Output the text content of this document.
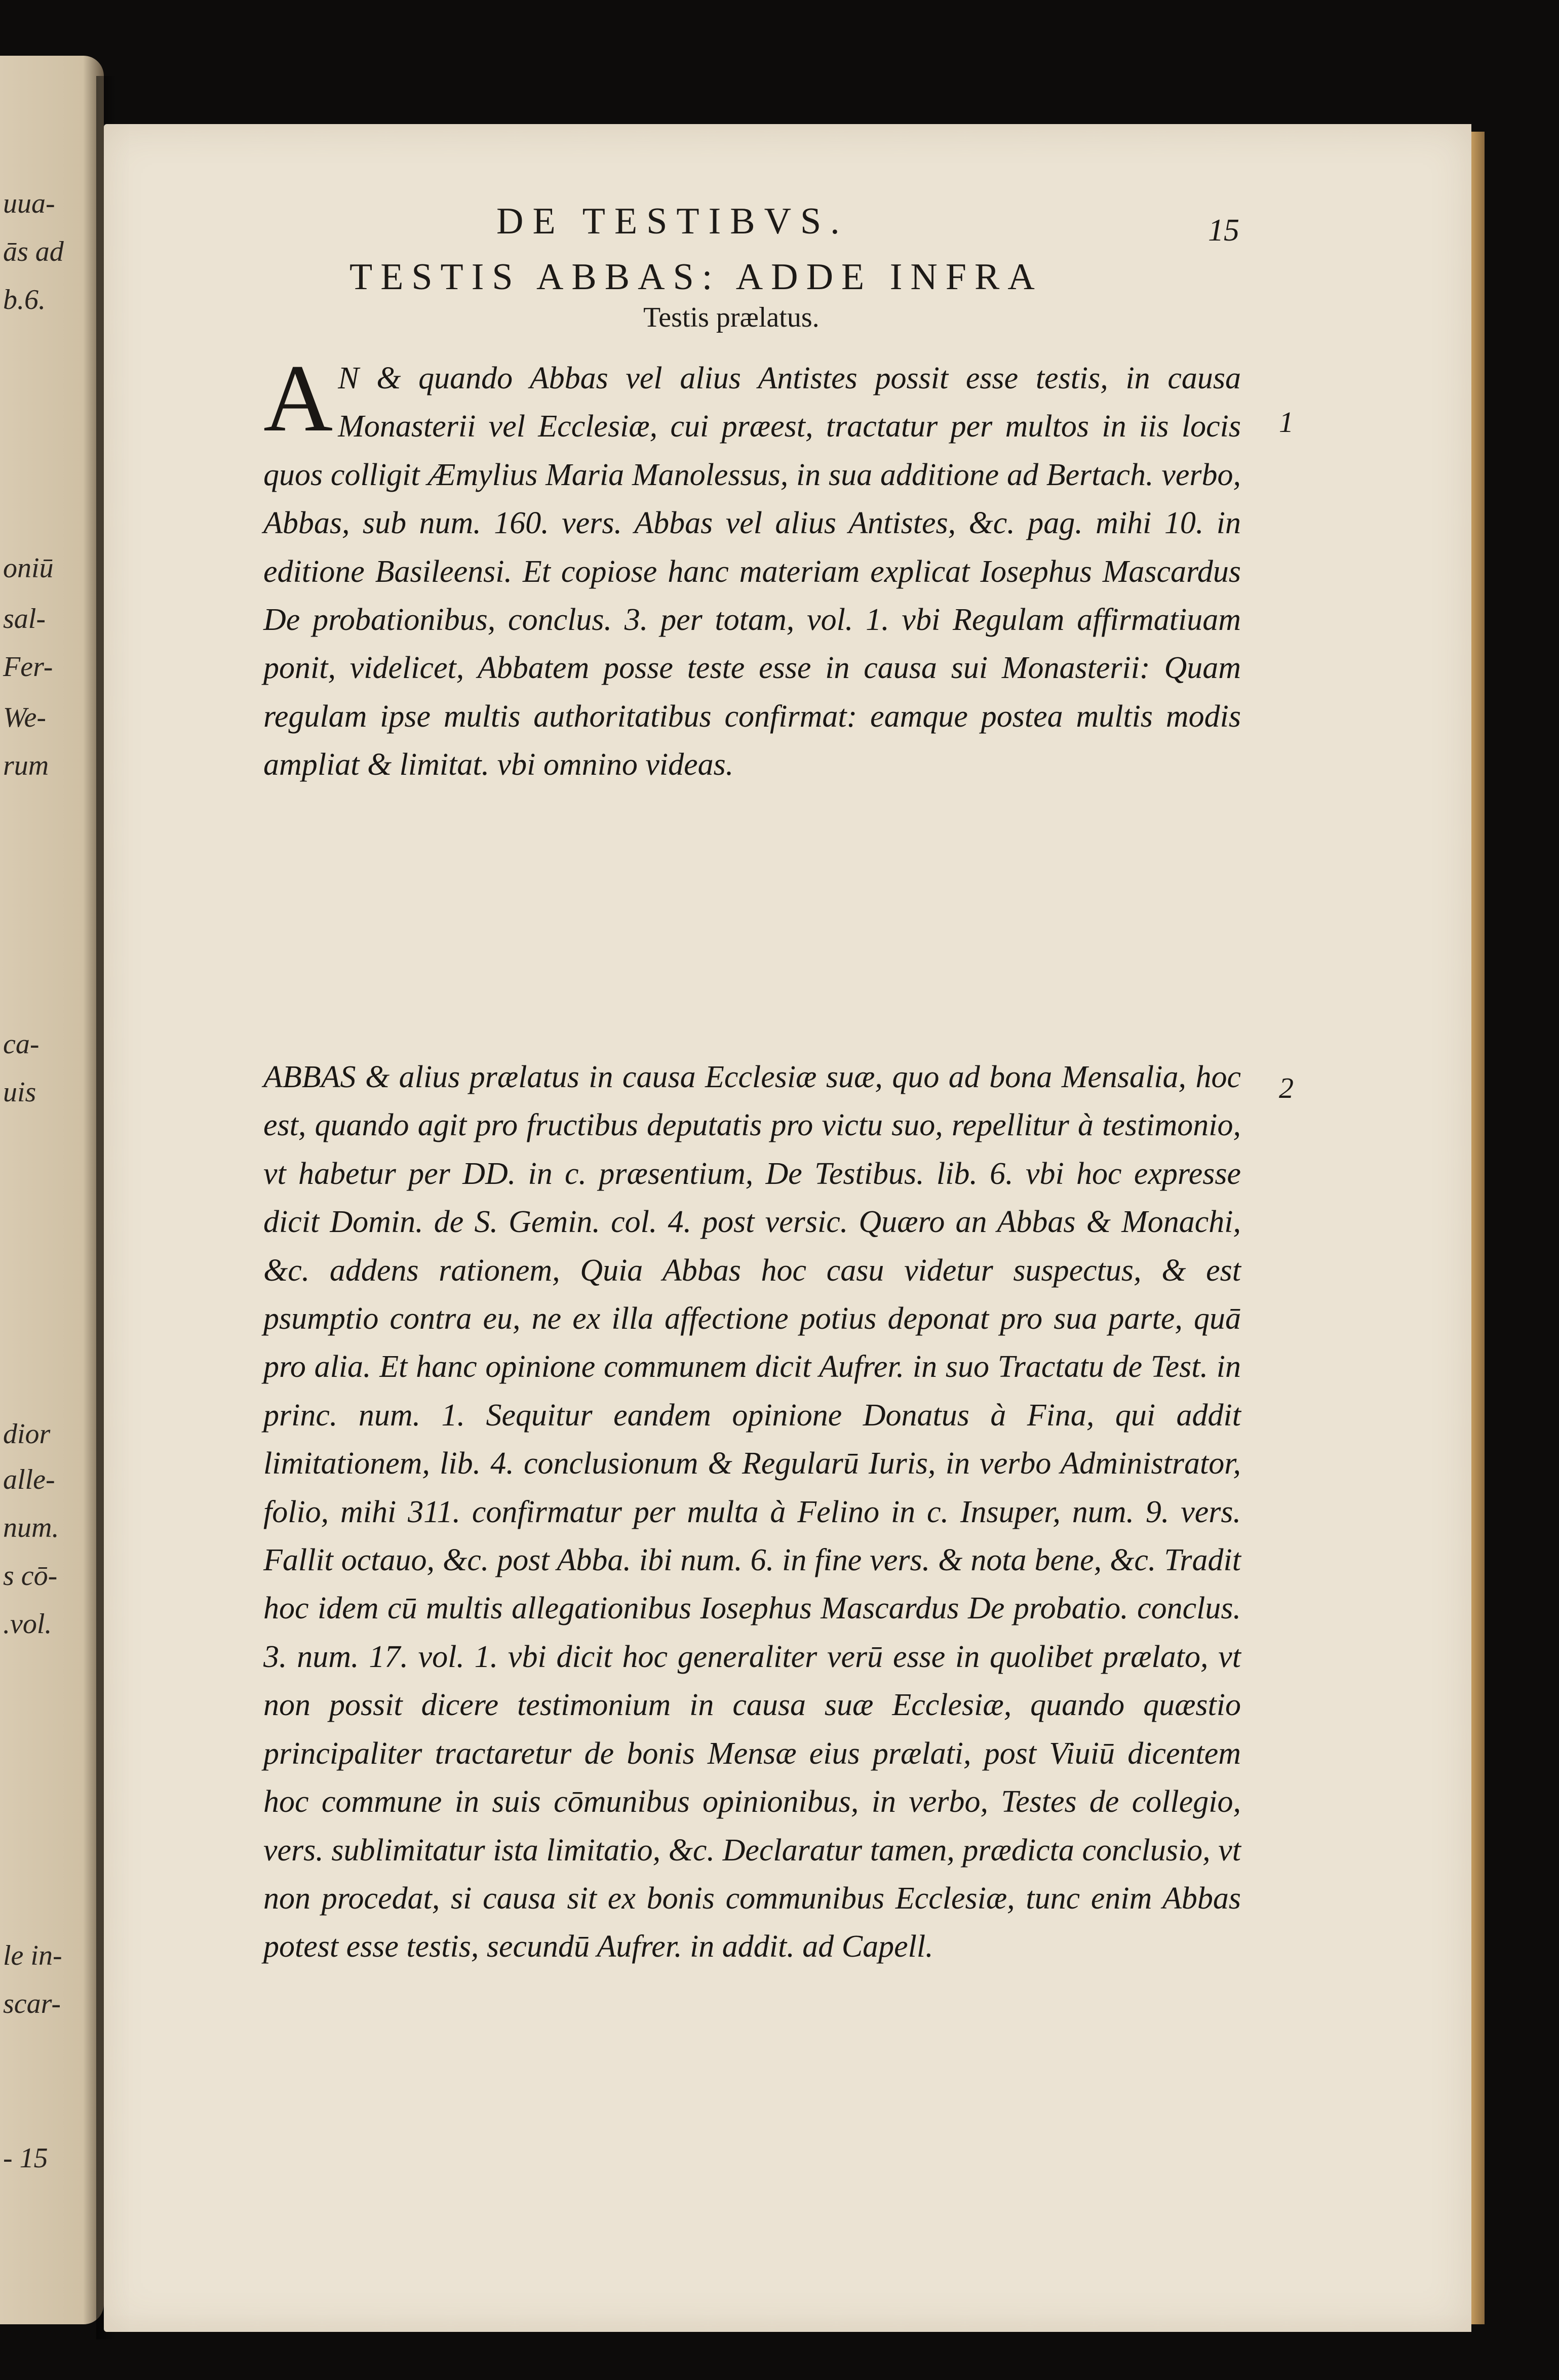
uua-
ās ad
b.6.
oniū
sal-
Fer-
We-
rum
ca-
uis
dior
alle-
num.
s cō-
.vol.
le in-
scar-
- 15
DE TESTIBVS.	15
TESTIS ABBAS: ADDE INFRA
Testis prælatus.
A N & quando Abbas vel alius Antistes possit esse testis, in causa Monasterii vel Ecclesiæ, cui præest, tractatur per multos in iis locis quos colligit Æmylius Maria Manolessus, in sua additione ad Bertach. verbo, Abbas, sub num. 160. vers. Abbas vel alius Antistes, &c. pag. mihi 10. in editione Basileensi. Et copiose hanc materiam explicat Iosephus Mascardus De probationibus, conclus. 3. per totam, vol. 1. vbi Regulam affirmatiuam ponit, videlicet, Abbatem posse teste esse in causa sui Monasterii: Quam regulam ipse multis authoritatibus confirmat: eamque postea multis modis ampliat & limitat. vbi omnino videas.
ABBAS & alius prælatus in causa Ecclesiæ suæ, quo ad bona Mensalia, hoc est, quando agit pro fructibus deputatis pro victu suo, repellitur à testimonio, vt habetur per DD. in c. præsentium, De Testibus. lib. 6. vbi hoc expresse dicit Domin. de S. Gemin. col. 4. post versic. Quæro an Abbas & Monachi, &c. addens rationem, Quia Abbas hoc casu videtur suspectus, & est psumptio contra eu, ne ex illa affectione potius deponat pro sua parte, quā pro alia. Et hanc opinione communem dicit Aufrer. in suo Tractatu de Test. in princ. num. 1. Sequitur eandem opinione Donatus à Fina, qui addit limitationem, lib. 4. conclusionum & Regularū Iuris, in verbo Administrator, folio, mihi 311. confirmatur per multa à Felino in c. Insuper, num. 9. vers. Fallit octauo, &c. post Abba. ibi num. 6. in fine vers. & nota bene, &c. Tradit hoc idem cū multis allegationibus Iosephus Mascardus De probatio. conclus. 3. num. 17. vol. 1. vbi dicit hoc generaliter verū esse in quolibet prælato, vt non possit dicere testimonium in causa suæ Ecclesiæ, quando quæstio principaliter tractaretur de bonis Mensæ eius prælati, post Viuiū dicentem hoc commune in suis cōmunibus opinionibus, in verbo, Testes de collegio, vers. sublimitatur ista limitatio, &c. Declaratur tamen, prædicta conclusio, vt non procedat, si causa sit ex bonis communibus Ecclesiæ, tunc enim Abbas potest esse testis, secundū Aufrer. in addit. ad Capell.
1
2
